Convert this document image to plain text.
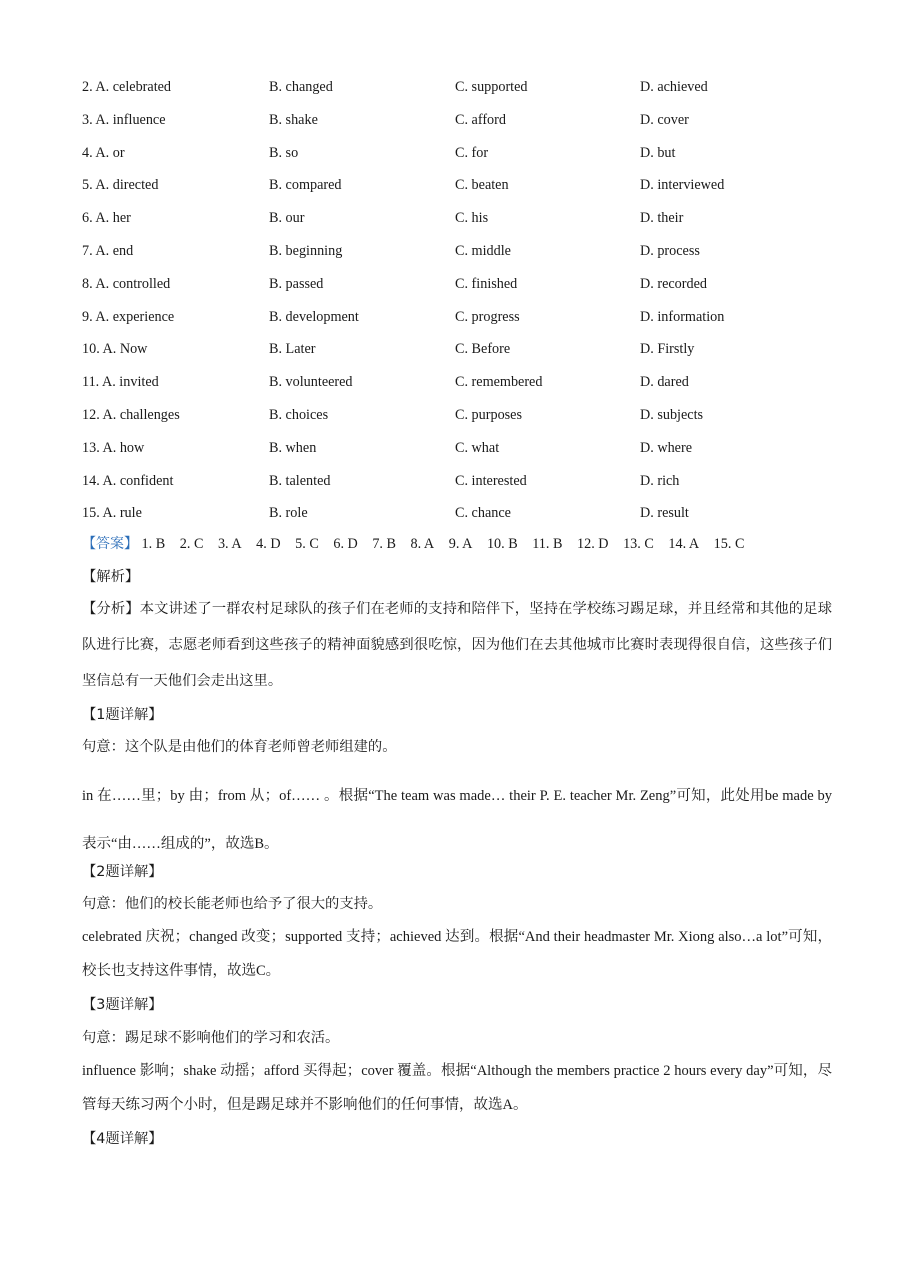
2. A. celebrated	B. changed	C. supported	D. achieved
3. A. influence	B. shake	C. afford	D. cover
4. A. or	B. so	C. for	D. but
5. A. directed	B. compared	C. beaten	D. interviewed
6. A. her	B. our	C. his	D. their
7. A. end	B. beginning	C. middle	D. process
8. A. controlled	B. passed	C. finished	D. recorded
9. A. experience	B. development	C. progress	D. information
10. A. Now	B. Later	C. Before	D. Firstly
11. A. invited	B. volunteered	C. remembered	D. dared
12. A. challenges	B. choices	C. purposes	D. subjects
13. A. how	B. when	C. what	D. where
14. A. confident	B. talented	C. interested	D. rich
15. A. rule	B. role	C. chance	D. result
【答案】 1. B 2. C 3. A 4. D 5. C 6. D 7. B 8. A 9. A 10. B 11. B 12. D 13. C 14. A 15. C
【解析】
【分析】本文讲述了一群农村足球队的孩子们在老师的支持和陪伴下，坚持在学校练习踢足球，并且经常和其他的足球队进行比赛，志愿老师看到这些孩子的精神面貌感到很吃惊，因为他们在去其他城市比赛时表现得很自信，这些孩子们坚信总有一天他们会走出这里。
【1题详解】
句意：这个队是由他们的体育老师曾老师组建的。
in 在……里；by 由；from 从；of…… 。根据“The team was made… their P. E. teacher Mr. Zeng”可知，此处用be made by 表示“由……组成的”，故选B。
【2题详解】
句意：他们的校长能老师也给予了很大的支持。
celebrated 庆祝；changed 改变；supported 支持；achieved 达到。根据“And their headmaster Mr. Xiong also…a lot”可知，校长也支持这件事情，故选C。
【3题详解】
句意：踢足球不影响他们的学习和农活。
influence 影响；shake 动摇；afford 买得起；cover 覆盖。根据“Although the members practice 2 hours every day”可知，尽管每天练习两个小时，但是踢足球并不影响他们的任何事情，故选A。
【4题详解】
